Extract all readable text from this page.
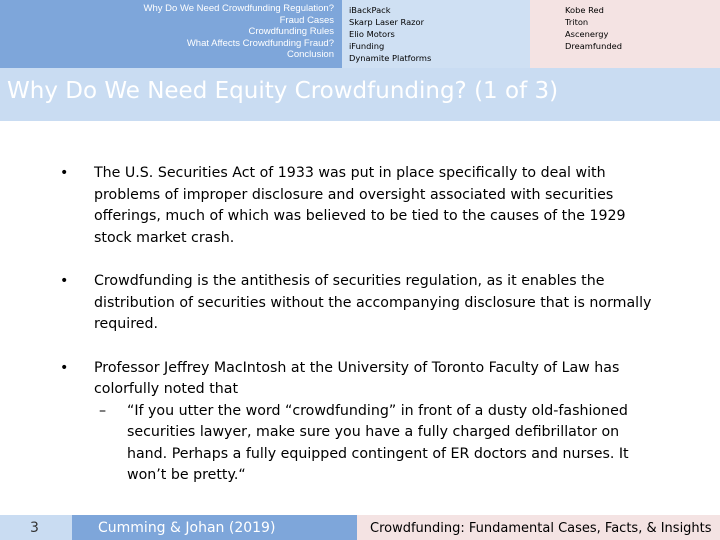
Why Do We Need Crowdfunding Regulation?
Fraud Cases
Crowdfunding Rules
What Affects Crowdfunding Fraud?
Conclusion
iBackPack
Skarp Laser Razor
Elio Motors
iFunding
Dynamite Platforms
Kobe Red
Triton
Ascenergy
Dreamfunded
Why Do We Need Equity Crowdfunding? (1 of 3)
• The U.S. Securities Act of 1933 was put in place specifically to deal with problems of improper disclosure and oversight associated with securities offerings, much of which was believed to be tied to the causes of the 1929 stock market crash.
• Crowdfunding is the antithesis of securities regulation, as it enables the distribution of securities without the accompanying disclosure that is normally required.
• Professor Jeffrey MacIntosh at the University of Toronto Faculty of Law has colorfully noted that
– “If you utter the word “crowdfunding” in front of a dusty old-fashioned securities lawyer, make sure you have a fully charged defibrillator on hand. Perhaps a fully equipped contingent of ER doctors and nurses. It won’t be pretty.“
3	Cumming & Johan (2019)	Crowdfunding: Fundamental Cases, Facts, & Insights
